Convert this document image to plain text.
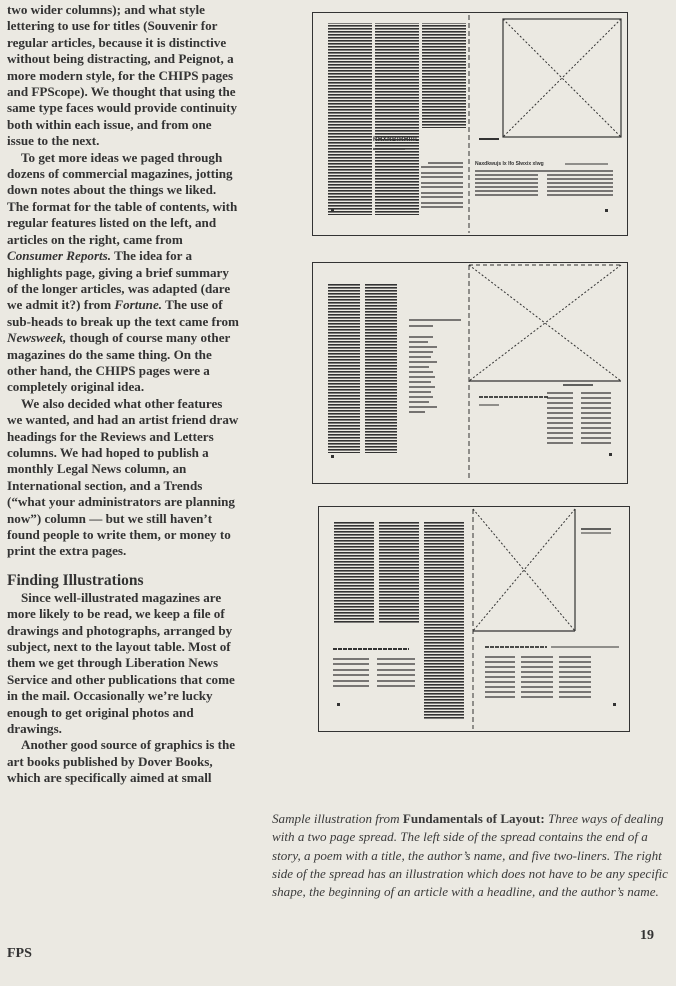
two wider columns); and what style lettering to use for titles (Souvenir for regular articles, because it is distinctive without being distracting, and Peignot, a more modern style, for the CHIPS pages and FPScope). We thought that using the same type faces would provide continuity both within each issue, and from one issue to the next.

To get more ideas we paged through dozens of commercial magazines, jotting down notes about the things we liked. The format for the table of contents, with regular features listed on the left, and articles on the right, came from Consumer Reports. The idea for a highlights page, giving a brief summary of the longer articles, was adapted (dare we admit it?) from Fortune. The use of sub-heads to break up the text came from Newsweek, though of course many other magazines do the same thing. On the other hand, the CHIPS pages were a completely original idea.

We also decided what other features we wanted, and had an artist friend draw headings for the Reviews and Letters columns. We had hoped to publish a monthly Legal News column, an International section, and a Trends (“what your administrators are planning now”) column — but we still haven’t found people to write them, or money to print the extra pages.

Finding Illustrations

Since well-illustrated magazines are more likely to be read, we keep a file of drawings and photographs, arranged by subject, next to the layout table. Most of them we get through Liberation News Service and other publications that come in the mail. Occasionally we’re lucky enough to get original photos and drawings.

Another good source of graphics is the art books published by Dover Books, which are specifically aimed at small

RHXNBIRHIIIL
Naxdkwujs Ix Ifo Slwxix xlwg

Sample illustration from Fundamentals of Layout: Three ways of dealing with a two page spread. The left side of the spread contains the end of a story, a poem with a title, the author’s name, and five two-liners. The right side of the spread has an illustration which does not have to be any specific shape, the beginning of an article with a headline, and the author’s name.

FPS
19
